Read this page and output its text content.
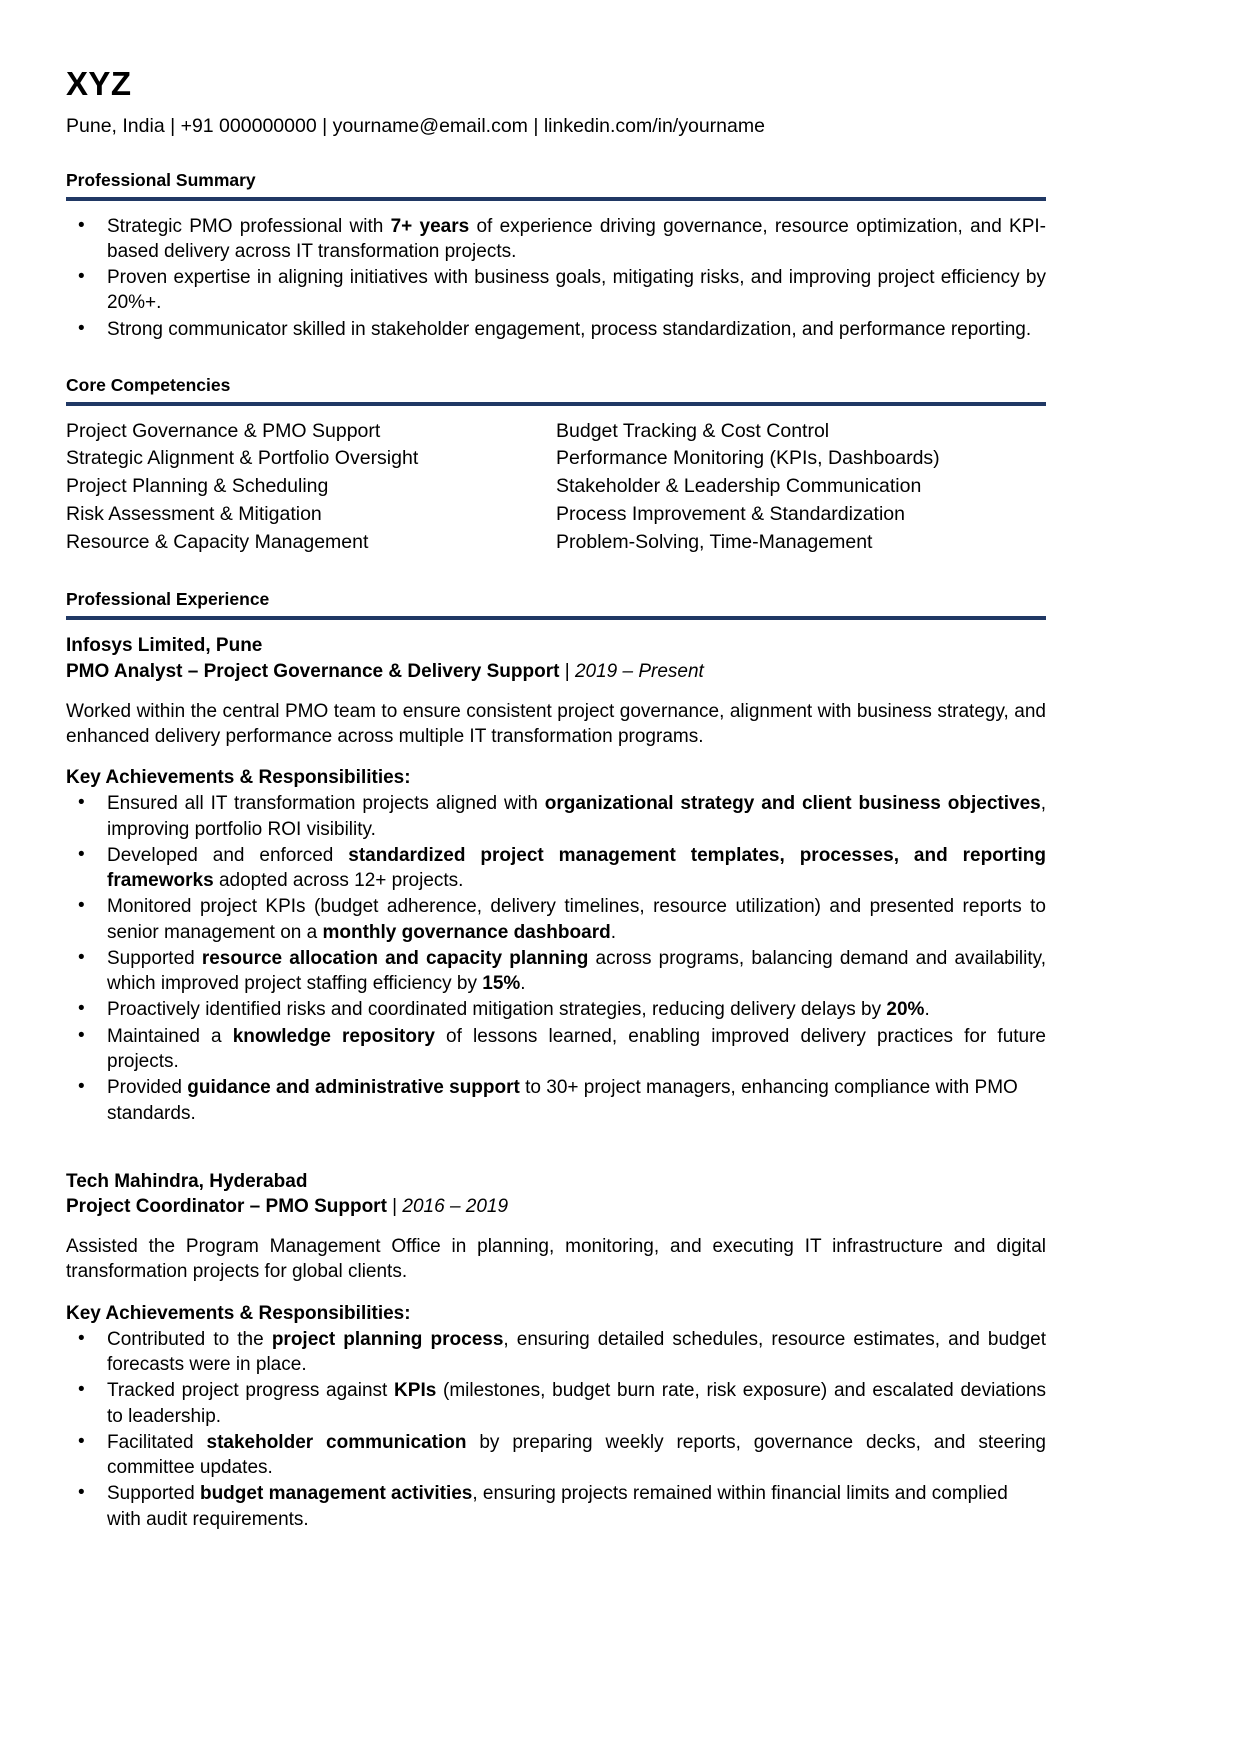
XYZ
Pune, India | +91 000000000 | yourname@email.com | linkedin.com/in/yourname
Professional Summary
• Strategic PMO professional with 7+ years of experience driving governance, resource optimization, and KPI-based delivery across IT transformation projects.
• Proven expertise in aligning initiatives with business goals, mitigating risks, and improving project efficiency by 20%+.
• Strong communicator skilled in stakeholder engagement, process standardization, and performance reporting.
Core Competencies
Project Governance & PMO Support
Strategic Alignment & Portfolio Oversight
Project Planning & Scheduling
Risk Assessment & Mitigation
Resource & Capacity Management
Budget Tracking & Cost Control
Performance Monitoring (KPIs, Dashboards)
Stakeholder & Leadership Communication
Process Improvement & Standardization
Problem-Solving, Time-Management
Professional Experience
Infosys Limited, Pune
PMO Analyst – Project Governance & Delivery Support | 2019 – Present
Worked within the central PMO team to ensure consistent project governance, alignment with business strategy, and enhanced delivery performance across multiple IT transformation programs.
Key Achievements & Responsibilities:
• Ensured all IT transformation projects aligned with organizational strategy and client business objectives, improving portfolio ROI visibility.
• Developed and enforced standardized project management templates, processes, and reporting frameworks adopted across 12+ projects.
• Monitored project KPIs (budget adherence, delivery timelines, resource utilization) and presented reports to senior management on a monthly governance dashboard.
• Supported resource allocation and capacity planning across programs, balancing demand and availability, which improved project staffing efficiency by 15%.
• Proactively identified risks and coordinated mitigation strategies, reducing delivery delays by 20%.
• Maintained a knowledge repository of lessons learned, enabling improved delivery practices for future projects.
• Provided guidance and administrative support to 30+ project managers, enhancing compliance with PMO standards.
Tech Mahindra, Hyderabad
Project Coordinator – PMO Support | 2016 – 2019
Assisted the Program Management Office in planning, monitoring, and executing IT infrastructure and digital transformation projects for global clients.
Key Achievements & Responsibilities:
• Contributed to the project planning process, ensuring detailed schedules, resource estimates, and budget forecasts were in place.
• Tracked project progress against KPIs (milestones, budget burn rate, risk exposure) and escalated deviations to leadership.
• Facilitated stakeholder communication by preparing weekly reports, governance decks, and steering committee updates.
• Supported budget management activities, ensuring projects remained within financial limits and complied with audit requirements.
